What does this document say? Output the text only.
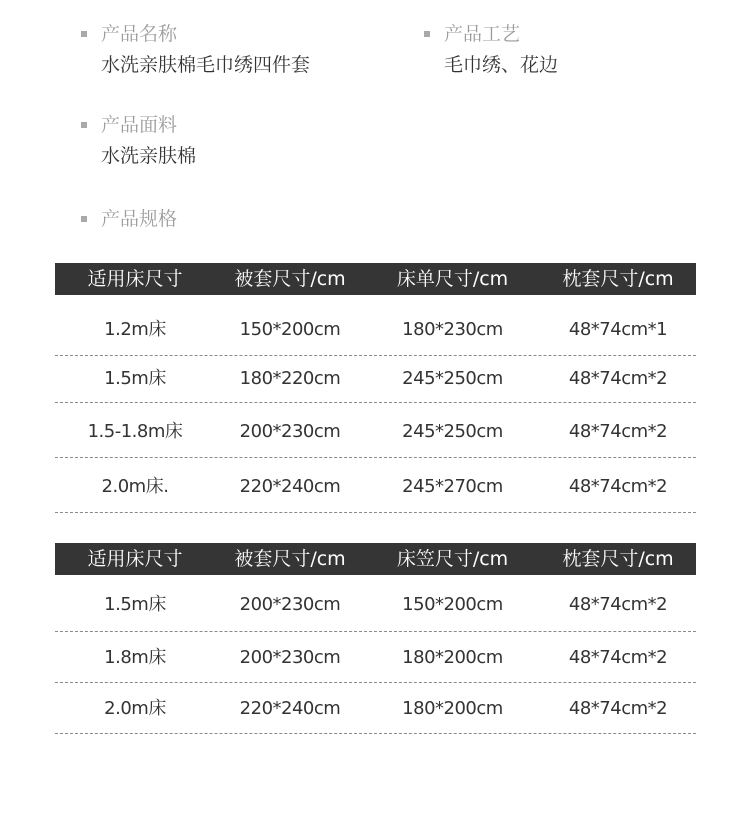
产品名称
水洗亲肤棉毛巾绣四件套
产品工艺
毛巾绣、花边
产品面料
水洗亲肤棉
产品规格
适用床尺寸	被套尺寸/cm	床单尺寸/cm	枕套尺寸/cm
1.2m床	150*200cm	180*230cm	48*74cm*1
1.5m床	180*220cm	245*250cm	48*74cm*2
1.5-1.8m床	200*230cm	245*250cm	48*74cm*2
2.0m床.	220*240cm	245*270cm	48*74cm*2
适用床尺寸	被套尺寸/cm	床笠尺寸/cm	枕套尺寸/cm
1.5m床	200*230cm	150*200cm	48*74cm*2
1.8m床	200*230cm	180*200cm	48*74cm*2
2.0m床	220*240cm	180*200cm	48*74cm*2
